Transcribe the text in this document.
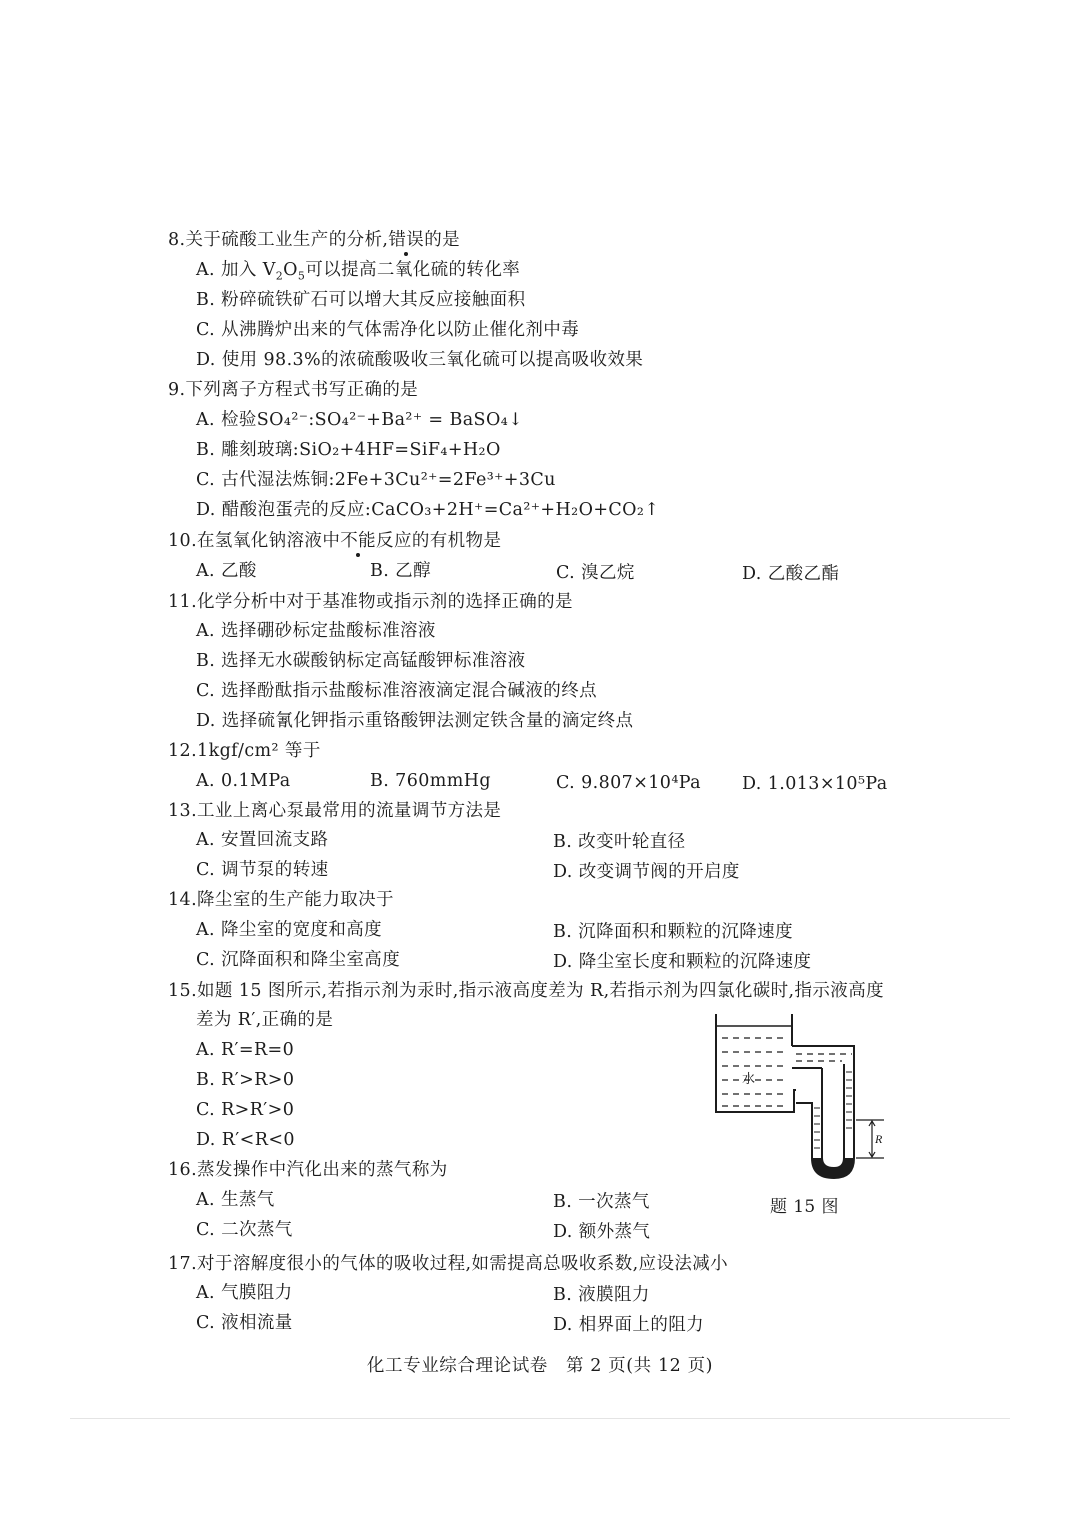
8.关于硫酸工业生产的分析,错误的是
A. 加入 $V_2O_5$可以提高二氧化硫的转化率
B. 粉碎硫铁矿石可以增大其反应接触面积
C. 从沸腾炉出来的气体需净化以防止催化剂中毒
D. 使用 98.3%的浓硫酸吸收三氧化硫可以提高吸收效果
9.下列离子方程式书写正确的是
A. 检验SO₄²⁻:SO₄²⁻+Ba²⁺ = BaSO₄↓
B. 雕刻玻璃:SiO₂+4HF=SiF₄+H₂O
C. 古代湿法炼铜:2Fe+3Cu²⁺=2Fe³⁺+3Cu
D. 醋酸泡蛋壳的反应:CaCO₃+2H⁺=Ca²⁺+H₂O+CO₂↑
10.在氢氧化钠溶液中不能反应的有机物是
A. 乙酸	B. 乙醇	C. 溴乙烷	D. 乙酸乙酯
11.化学分析中对于基准物或指示剂的选择正确的是
A. 选择硼砂标定盐酸标准溶液
B. 选择无水碳酸钠标定高锰酸钾标准溶液
C. 选择酚酞指示盐酸标准溶液滴定混合碱液的终点
D. 选择硫氰化钾指示重铬酸钾法测定铁含量的滴定终点
12.1kgf/cm² 等于
A. 0.1MPa	B. 760mmHg	C. 9.807×10⁴Pa D. 1.013×10⁵Pa
13.工业上离心泵最常用的流量调节方法是
A. 安置回流支路	B. 改变叶轮直径
C. 调节泵的转速	D. 改变调节阀的开启度
14.降尘室的生产能力取决于
A. 降尘室的宽度和高度	B. 沉降面积和颗粒的沉降速度
C. 沉降面积和降尘室高度	D. 降尘室长度和颗粒的沉降速度
15.如题 15 图所示,若指示剂为汞时,指示液高度差为 R,若指示剂为四氯化碳时,指示液高度
差为 R′,正确的是
A. R′=R=0
B. R′>R>0
C. R>R′>0
D. R′<R<0	R
水
题 15 图
16.蒸发操作中汽化出来的蒸气称为
A. 生蒸气	B. 一次蒸气
C. 二次蒸气	D. 额外蒸气
17.对于溶解度很小的气体的吸收过程,如需提高总吸收系数,应设法减小
A. 气膜阻力	B. 液膜阻力
C. 液相流量	D. 相界面上的阻力
化工专业综合理论试卷　第 2 页(共 12 页)
